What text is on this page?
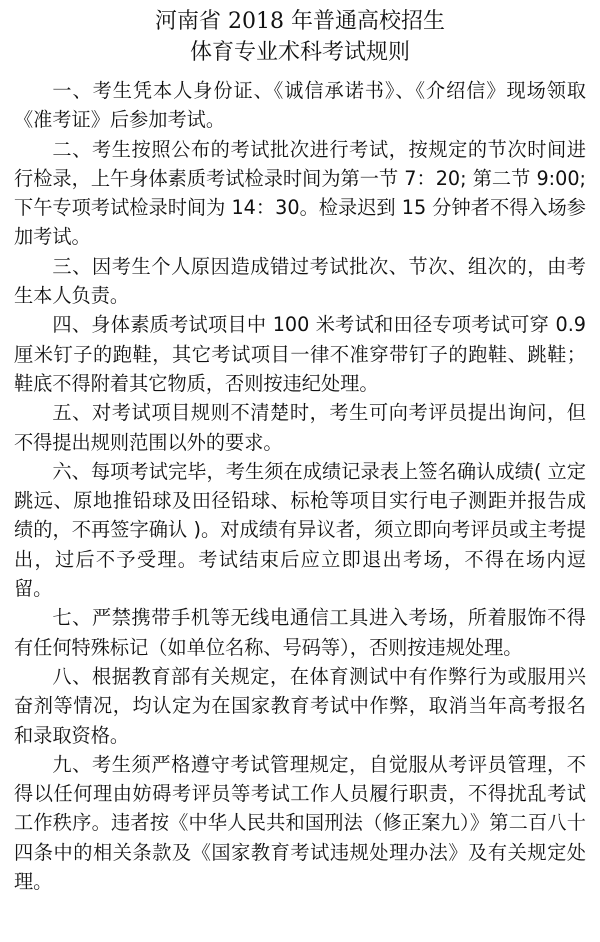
河南省 2018 年普通高校招生
体育专业术科考试规则

一、考生凭本人身份证、《诚信承诺书》、《介绍信》现场领取《准考证》后参加考试。

二、考生按照公布的考试批次进行考试，按规定的节次时间进行检录，上午身体素质考试检录时间为第一节 7：20; 第二节 9:00;下午专项考试检录时间为 14：30。检录迟到 15 分钟者不得入场参加考试。

三、因考生个人原因造成错过考试批次、节次、组次的，由考生本人负责。

四、身体素质考试项目中 100 米考试和田径专项考试可穿 0.9 厘米钉子的跑鞋，其它考试项目一律不准穿带钉子的跑鞋、跳鞋；鞋底不得附着其它物质，否则按违纪处理。

五、对考试项目规则不清楚时，考生可向考评员提出询问，但不得提出规则范围以外的要求。

六、每项考试完毕，考生须在成绩记录表上签名确认成绩( 立定跳远、原地推铅球及田径铅球、标枪等项目实行电子测距并报告成绩的，不再签字确认 )。对成绩有异议者，须立即向考评员或主考提出，过后不予受理。考试结束后应立即退出考场，不得在场内逗留。

七、严禁携带手机等无线电通信工具进入考场，所着服饰不得有任何特殊标记（如单位名称、号码等），否则按违规处理。

八、根据教育部有关规定，在体育测试中有作弊行为或服用兴奋剂等情况，均认定为在国家教育考试中作弊，取消当年高考报名和录取资格。

九、考生须严格遵守考试管理规定，自觉服从考评员管理，不得以任何理由妨碍考评员等考试工作人员履行职责，不得扰乱考试工作秩序。违者按《中华人民共和国刑法（修正案九）》第二百八十四条中的相关条款及《国家教育考试违规处理办法》及有关规定处理。
